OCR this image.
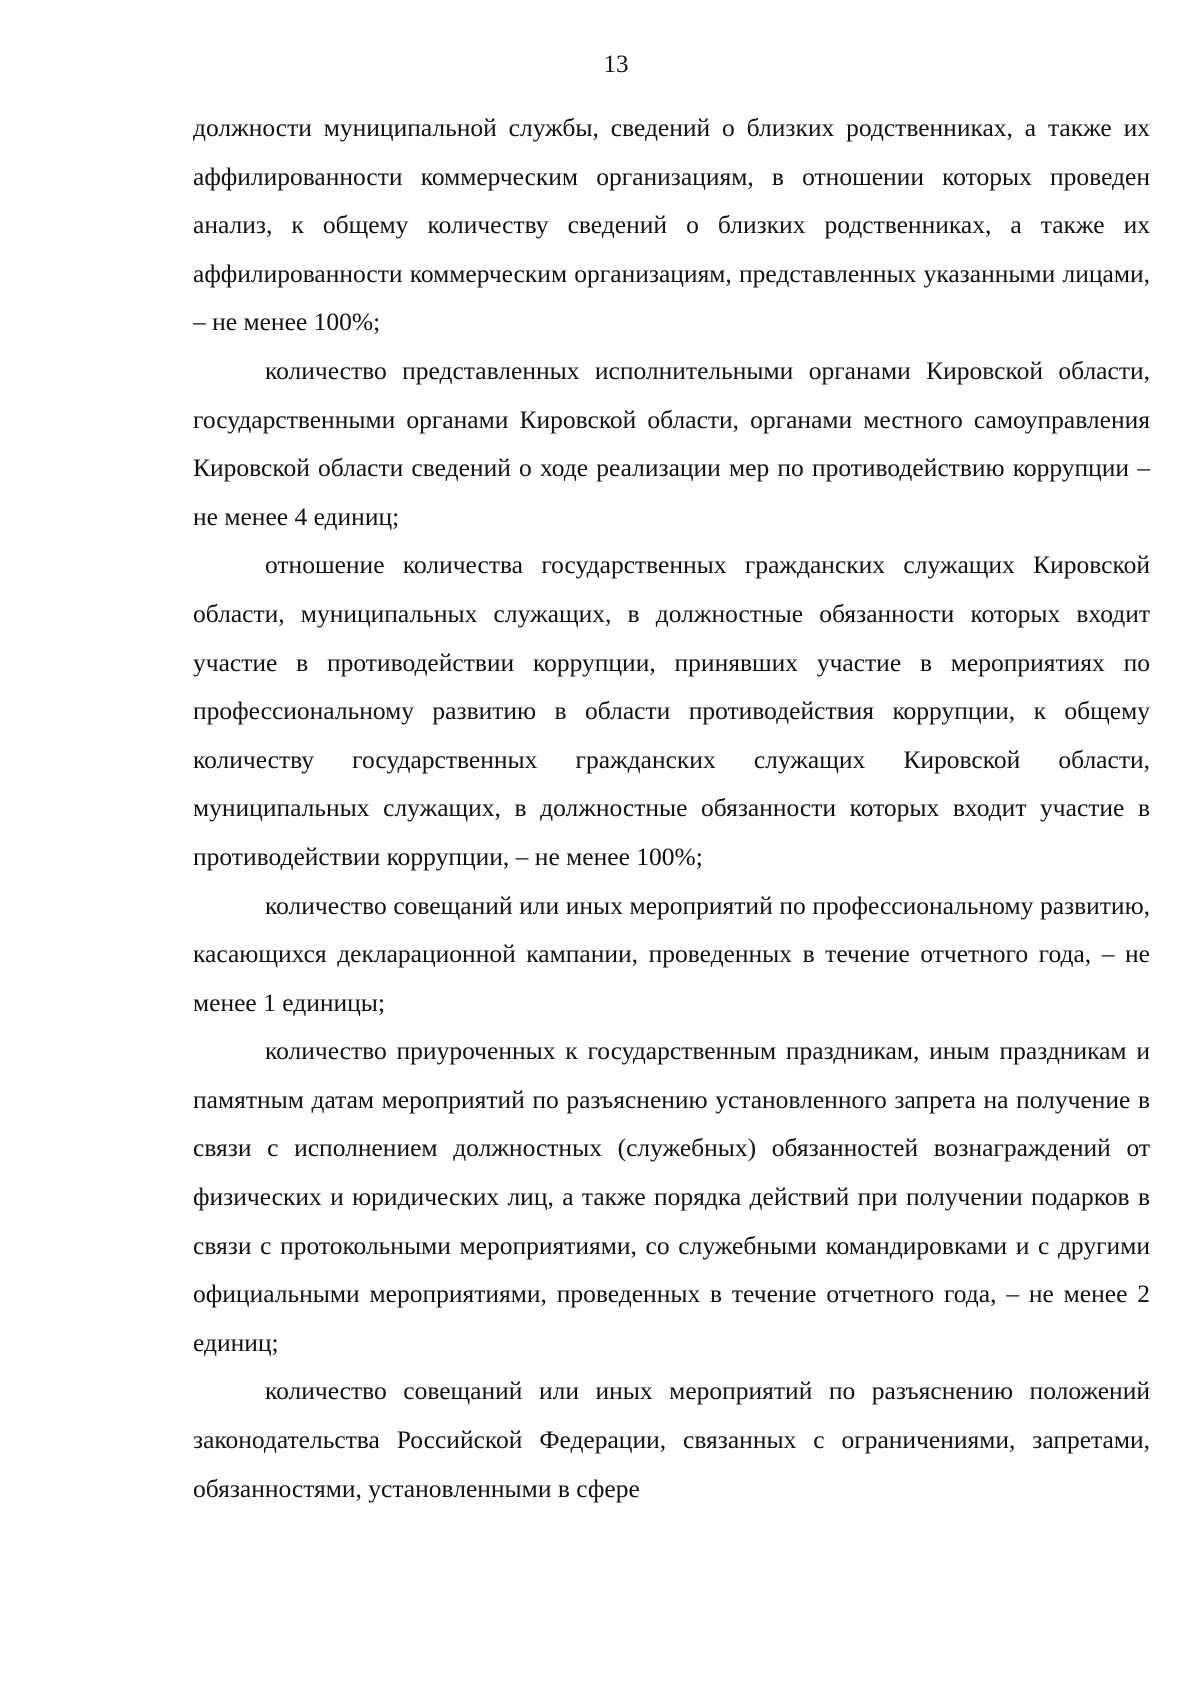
13

должности муниципальной службы, сведений о близких родственниках, а также их аффилированности коммерческим организациям, в отношении которых проведен анализ, к общему количеству сведений о близких родственниках, а также их аффилированности коммерческим организациям, представленных указанными лицами, – не менее 100%;

количество представленных исполнительными органами Кировской области, государственными органами Кировской области, органами местного самоуправления Кировской области сведений о ходе реализации мер по противодействию коррупции – не менее 4 единиц;

отношение количества государственных гражданских служащих Кировской области, муниципальных служащих, в должностные обязанности которых входит участие в противодействии коррупции, принявших участие в мероприятиях по профессиональному развитию в области противодействия коррупции, к общему количеству государственных гражданских служащих Кировской области, муниципальных служащих, в должностные обязанности которых входит участие в противодействии коррупции, – не менее 100%;

количество совещаний или иных мероприятий по профессиональному развитию, касающихся декларационной кампании, проведенных в течение отчетного года, – не менее 1 единицы;

количество приуроченных к государственным праздникам, иным праздникам и памятным датам мероприятий по разъяснению установленного запрета на получение в связи с исполнением должностных (служебных) обязанностей вознаграждений от физических и юридических лиц, а также порядка действий при получении подарков в связи с протокольными мероприятиями, со служебными командировками и с другими официальными мероприятиями, проведенных в течение отчетного года, – не менее 2 единиц;

количество совещаний или иных мероприятий по разъяснению положений законодательства Российской Федерации, связанных с ограничениями, запретами, обязанностями, установленными в сфере
